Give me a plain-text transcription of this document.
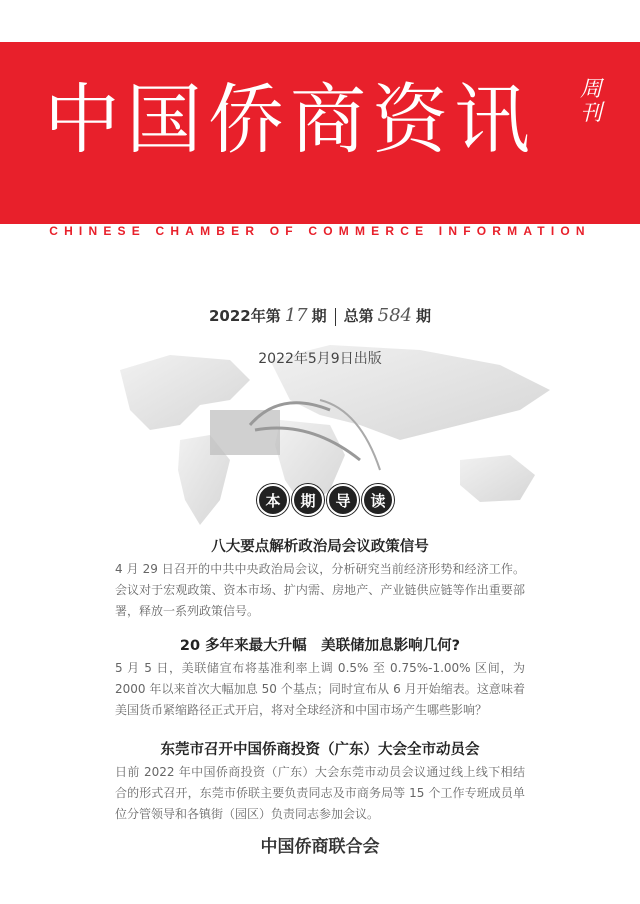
中国侨商资讯 周
刊
CHINESE CHAMBER OF COMMERCE INFORMATION
2022年第 17 期 总第 584 期
2022年5月9日出版
本	期	导	读
八大要点解析政治局会议政策信号

4 月 29 日召开的中共中央政治局会议，分析研究当前经济形势和经济工作。会议对于宏观政策、资本市场、扩内需、房地产、产业链供应链等作出重要部署，释放一系列政策信号。

20 多年来最大升幅　美联储加息影响几何?

5 月 5 日，美联储宣布将基准利率上调 0.5% 至 0.75%-1.00% 区间，为 2000 年以来首次大幅加息 50 个基点；同时宣布从 6 月开始缩表。这意味着美国货币紧缩路径正式开启，将对全球经济和中国市场产生哪些影响？

东莞市召开中国侨商投资（广东）大会全市动员会

日前 2022 年中国侨商投资（广东）大会东莞市动员会议通过线上线下相结合的形式召开，东莞市侨联主要负责同志及市商务局等 15 个工作专班成员单位分管领导和各镇街（园区）负责同志参加会议。

中国侨商联合会
